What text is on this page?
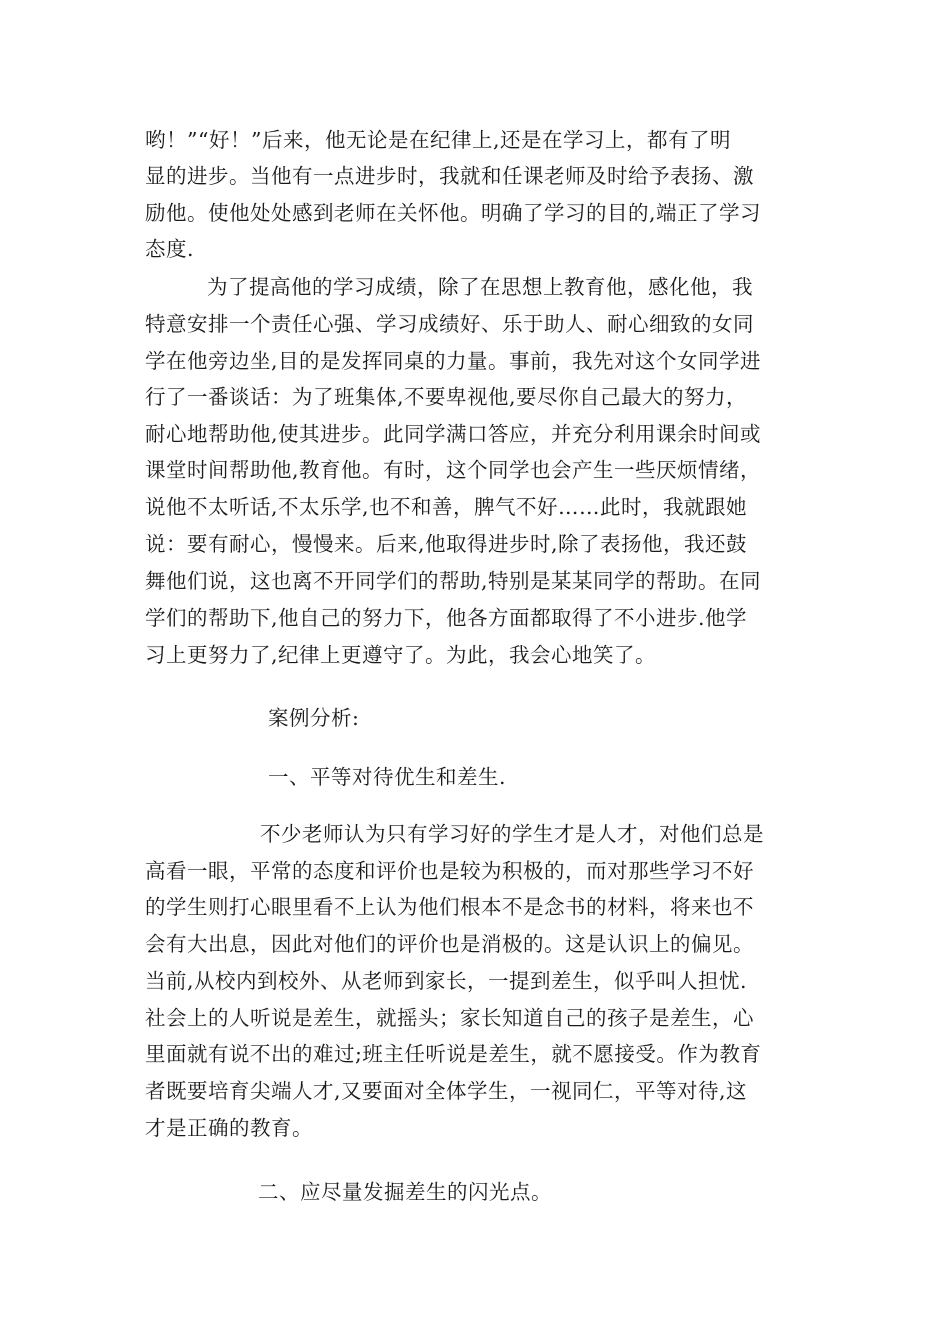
哟！”“好！”后来，他无论是在纪律上,还是在学习上，都有了明
显的进步。当他有一点进步时，我就和任课老师及时给予表扬、激
励他。使他处处感到老师在关怀他。明确了学习的目的,端正了学习
态度.
为了提高他的学习成绩，除了在思想上教育他，感化他，我
特意安排一个责任心强、学习成绩好、乐于助人、耐心细致的女同
学在他旁边坐,目的是发挥同桌的力量。事前，我先对这个女同学进
行了一番谈话：为了班集体,不要卑视他,要尽你自己最大的努力，
耐心地帮助他,使其进步。此同学满口答应，并充分利用课余时间或
课堂时间帮助他,教育他。有时，这个同学也会产生一些厌烦情绪，
说他不太听话,不太乐学,也不和善，脾气不好……此时，我就跟她
说：要有耐心，慢慢来。后来,他取得进步时,除了表扬他，我还鼓
舞他们说，这也离不开同学们的帮助,特别是某某同学的帮助。在同
学们的帮助下,他自己的努力下，他各方面都取得了不小进步.他学
习上更努力了,纪律上更遵守了。为此，我会心地笑了。
案例分析:
一、平等对待优生和差生.
不少老师认为只有学习好的学生才是人才，对他们总是
高看一眼，平常的态度和评价也是较为积极的，而对那些学习不好
的学生则打心眼里看不上认为他们根本不是念书的材料，将来也不
会有大出息，因此对他们的评价也是消极的。这是认识上的偏见。
当前,从校内到校外、从老师到家长，一提到差生，似乎叫人担忧.
社会上的人听说是差生，就摇头；家长知道自己的孩子是差生，心
里面就有说不出的难过;班主任听说是差生，就不愿接受。作为教育
者既要培育尖端人才,又要面对全体学生，一视同仁，平等对待,这
才是正确的教育。
二、应尽量发掘差生的闪光点。
